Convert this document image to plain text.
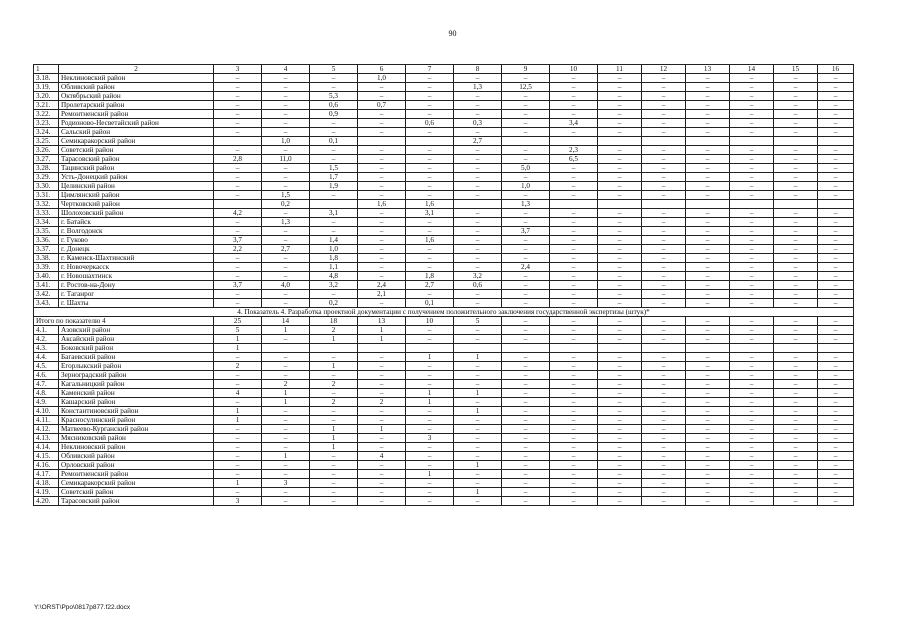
90
1	2	3	4	5	6	7	8	9	10	11	12	13	14	15	16
3.18.	Неклиновский район	–	–	–	1,0	–	–	–	–	–	–	–	–	–	–
3.19.	Обливский район	–	–	–	–	–	1,3	12,5	–	–	–	–	–	–	–
3.20.	Октябрьский район	–	–	5,3	–	–	–	–	–	–	–	–	–	–	–
3.21.	Пролетарский район	–	–	0,6	0,7	–	–	–	–	–	–	–	–	–	–
3.22.	Ремонтненский район	–	–	0,9	–	–	–	–	–	–	–	–	–	–	–
3.23.	Родионово-Несветайский район	–	–	–	–	0,6	0,3	–	3,4	–	–	–	–	–	–
3.24.	Сальский район	–	–	–	–	–	–	–	–	–	–	–	–	–	–
3.25.	Семикаракорский район		1,0	0,1			2,7								
3.26.	Советский район	–	–	–	–	–	–	–	2,3	–	–	–	–	–	–
3.27.	Тарасовский район	2,8	11,0	–	–	–	–	–	6,5	–	–	–	–	–	–
3.28.	Тацинский район	–	–	1,5	–	–	–	5,0	–	–	–	–	–	–	–
3.29.	Усть-Донецкий район	–	–	1,7	–	–	–	–	–	–	–	–	–	–	–
3.30.	Целинский район	–	–	1,9	–	–	–	1,0	–	–	–	–	–	–	–
3.31.	Цимлянский район	–	1,5	–	–	–	–	–	–	–	–	–	–	–	–
3.32.	Чертковский район		0,2		1,6	1,6		1,3							
3.33.	Шолоховский район	4,2	–	3,1	–	3,1	–	–	–	–	–	–	–	–	–
3.34.	г. Батайск	–	1,3	–	–	–	–	–	–	–	–	–	–	–	–
3.35.	г. Волгодонск	–	–	–	–	–	–	3,7	–	–	–	–	–	–	–
3.36.	г. Гуково	3,7	–	1,4	–	1,6	–	–	–	–	–	–	–	–	–
3.37.	г. Донецк	2,2	2,7	1,0	–	–	–	–	–	–	–	–	–	–	–
3.38.	г. Каменск-Шахтинский	–	–	1,8	–	–	–	–	–	–	–	–	–	–	–
3.39.	г. Новочеркасск	–	–	1,1	–	–	–	2,4	–	–	–	–	–	–	–
3.40.	г. Новошахтинск	–	–	4,8	–	1,8	3,2	–	–	–	–	–	–	–	–
3.41.	г. Ростов-на-Дону	3,7	4,0	3,2	2,4	2,7	0,6	–	–	–	–	–	–	–	–
3.42.	г. Таганрог	–	–	–	2,1	–	–	–	–	–	–	–	–	–	–
3.43.	г. Шахты	–	–	0,2	–	0,1	–	–	–	–	–	–	–	–	–
4. Показатель 4. Разработка проектной документации с получением положительного заключения государственной экспертизы (штук)*															
Итого по показателю 4		25	14	18	13	10	5	–	–	–	–	–	–	–	–
4.1.	Азовский район	5	1	2	1	–	–	–	–	–	–	–	–	–	–
4.2.	Аксайский район	1	–	1	1	–	–	–	–	–	–	–	–	–	–
4.3.	Боковский район	1													
4.4.	Багаевский район	–	–	–	–	1	1	–	–	–	–	–	–	–	–
4.5.	Егорлыкский район	2	–	1	–	–	–	–	–	–	–	–	–	–	–
4.6.	Зерноградский район	–	–	–	–	–	–	–	–	–	–	–	–	–	–
4.7.	Кагальницкий район	–	2	2	–	–	–	–	–	–	–	–	–	–	–
4.8.	Каменский район	4	1	–	–	1	1	–	–	–	–	–	–	–	–
4.9.	Кашарский район	–	1	2	2	1	–	–	–	–	–	–	–	–	–
4.10.	Константиновский район	1	–	–	–	–	1	–	–	–	–	–	–	–	–
4.11.	Красносулинский район	1	–	–	–	–	–	–	–	–	–	–	–	–	–
4.12.	Матвеево-Курганский район	–	–	1	1	–	–	–	–	–	–	–	–	–	–
4.13.	Мясниковский район	–	–	1	–	3	–	–	–	–	–	–	–	–	–
4.14.	Неклиновский район	–	–	1	–	–	–	–	–	–	–	–	–	–	–
4.15.	Обливский район	–	1	–	4	–	–	–	–	–	–	–	–	–	–
4.16.	Орловский район	–	–	–	–	–	1	–	–	–	–	–	–	–	–
4.17.	Ремонтненский район	–	–	–	–	1	–	–	–	–	–	–	–	–	–
4.18.	Семикаракорский район	1	3	–	–	–	–	–	–	–	–	–	–	–	–
4.19.	Советский район	–	–	–	–	–	1	–	–	–	–	–	–	–	–
4.20.	Тарасовский район	3	–	–	–	–	–	–	–	–	–	–	–	–	–
Y:\ORST\Ppo\0817p877.f22.docx
